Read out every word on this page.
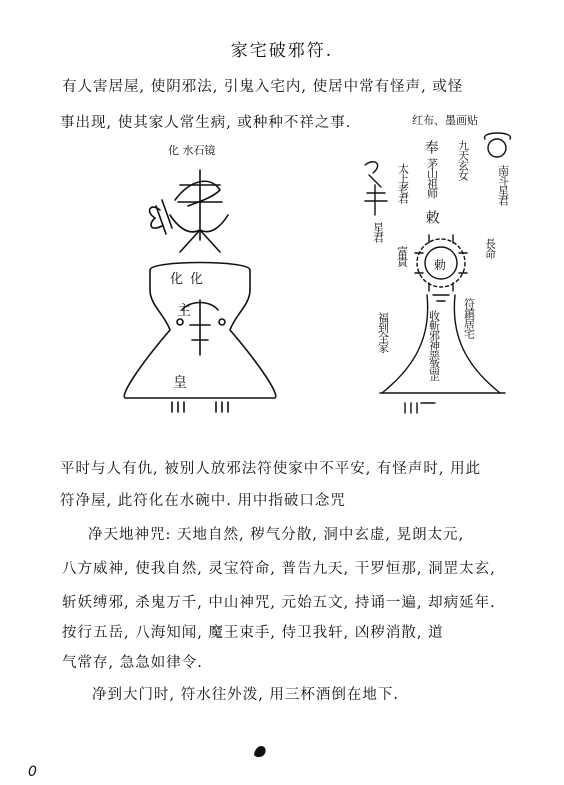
家宅破邪符.
有人害居屋, 使阴邪法, 引鬼入宅内, 使居中常有怪声, 或怪
事出现, 使其家人常生病, 或种种不祥之事.
化 水石镜
化 化
主
皇
红布、墨画贴
太上老君
奉
茅山祖师
敕
九天玄女
南斗星君
長命
富貴
星君
福到全家	符鎮居宅
收斬邪神惡煞罡
勅
平时与人有仇, 被别人放邪法符使家中不平安, 有怪声时, 用此
符净屋, 此符化在水碗中. 用中指破口念咒
净天地神咒: 天地自然, 秽气分散, 洞中玄虚, 晃朗太元,
八方威神, 使我自然, 灵宝符命, 普告九天, 干罗恒那, 洞罡太玄,
斩妖缚邪, 杀鬼万千, 中山神咒, 元始五文, 持诵一遍, 却病延年.
按行五岳, 八海知闻, 魔王束手, 侍卫我轩, 凶秽消散, 道
气常存, 急急如律令.
净到大门时, 符水往外泼, 用三杯酒倒在地下.
0
